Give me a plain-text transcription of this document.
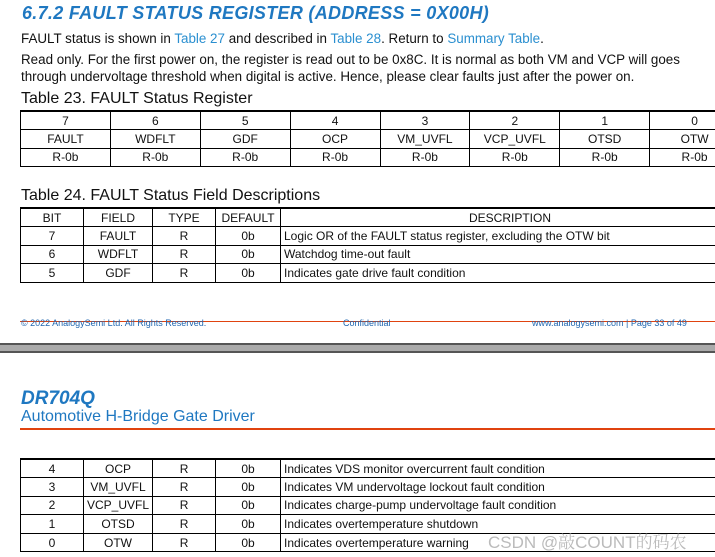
6.7.2 FAULT STATUS REGISTER (ADDRESS = 0X00H)
FAULT status is shown in Table 27 and described in Table 28. Return to Summary Table.
Read only. For the first power on, the register is read out to be 0x8C. It is normal as both VM and VCP will goes
through undervoltage threshold when digital is active. Hence, please clear faults just after the power on.
Table 23. FAULT Status Register
7	6	5	4	3	2	1	0
FAULT	WDFLT	GDF	OCP	VM_UVFL	VCP_UVFL	OTSD	OTW
R-0b	R-0b	R-0b	R-0b	R-0b	R-0b	R-0b	R-0b
Table 24. FAULT Status Field Descriptions
BIT	FIELD	TYPE	DEFAULT	DESCRIPTION
7	FAULT	R	0b	Logic OR of the FAULT status register, excluding the OTW bit
6	WDFLT	R	0b	Watchdog time-out fault
5	GDF	R	0b	Indicates gate drive fault condition
© 2022 AnalogySemi Ltd. All Rights Reserved.	Confidential	www.analogysemi.com | Page 33 of 49
DR704Q
Automotive H-Bridge Gate Driver
4	OCP	R	0b	Indicates VDS monitor overcurrent fault condition
3	VM_UVFL	R	0b	Indicates VM undervoltage lockout fault condition
2	VCP_UVFL	R	0b	Indicates charge-pump undervoltage fault condition
1	OTSD	R	0b	Indicates overtemperature shutdown
0	OTW	R	0b	Indicates overtemperature warning CSDN @敲COUNT的码农
